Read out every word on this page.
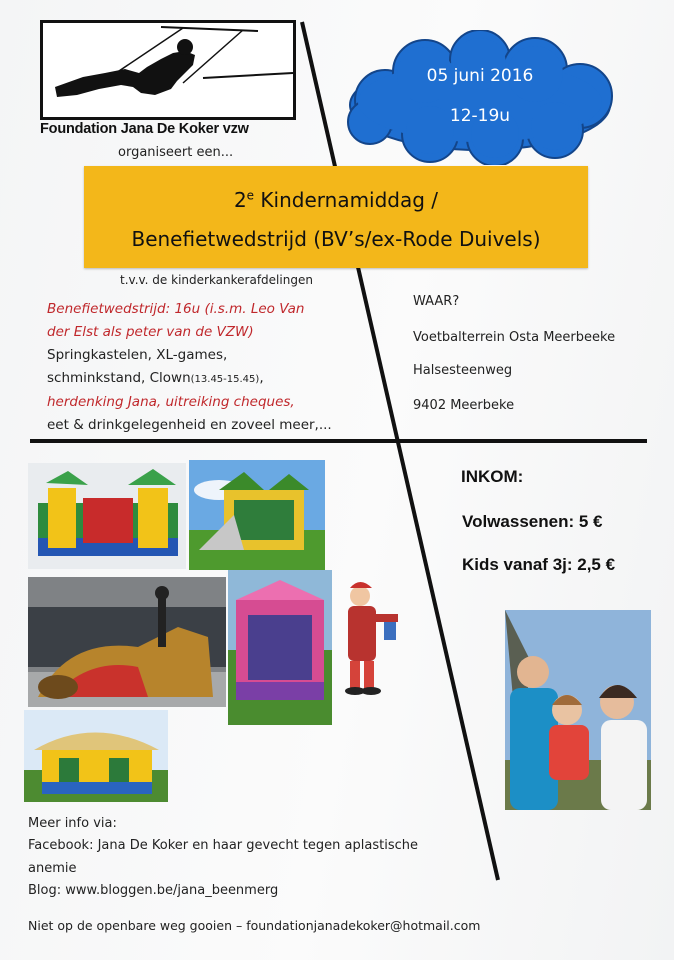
Foundation Jana De Koker vzw
organiseert een...
05 juni 2016
12-19u
2e Kindernamiddag /
Benefietwedstrijd (BV’s/ex-Rode Duivels)
t.v.v. de kinderkankerafdelingen
Benefietwedstrijd: 16u (i.s.m. Leo Van
der Elst als peter van de VZW)
Springkastelen, XL-games,
schminkstand, Clown(13.45-15.45),
herdenking Jana, uitreiking cheques,
eet & drinkgelegenheid en zoveel meer,...
WAAR?
Voetbalterrein Osta Meerbeeke
Halsesteenweg
9402 Meerbeke
INKOM:
Volwassenen: 5 €
Kids vanaf 3j: 2,5 €
Meer info via:
Facebook: Jana De Koker en haar gevecht tegen aplastische
anemie
Blog: www.bloggen.be/jana_beenmerg
Niet op de openbare weg gooien – foundationjanadekoker@hotmail.com
